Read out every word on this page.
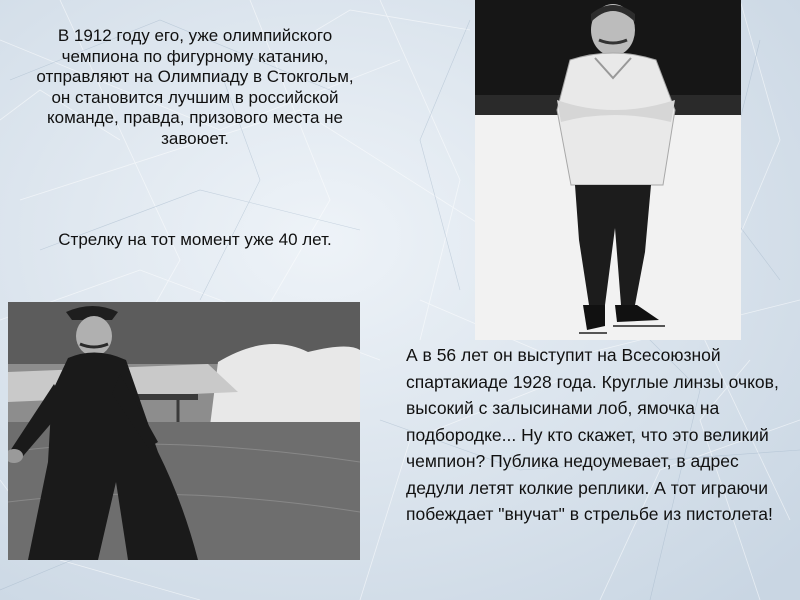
В 1912 году его, уже олимпийского чемпиона по фигурному катанию, отправляют на Олимпиаду в Стокгольм, он становится лучшим в российской команде, правда, призового места не завоюет.

Стрелку на тот момент уже 40 лет.

А в 56 лет он выступит на Всесоюзной спартакиаде 1928 года. Круглые линзы очков, высокий с залысинами лоб, ямочка на подбородке... Ну кто скажет, что это великий чемпион? Публика недоумевает, в адрес дедули летят колкие реплики. А тот играючи побеждает "внучат" в стрельбе из пистолета!
